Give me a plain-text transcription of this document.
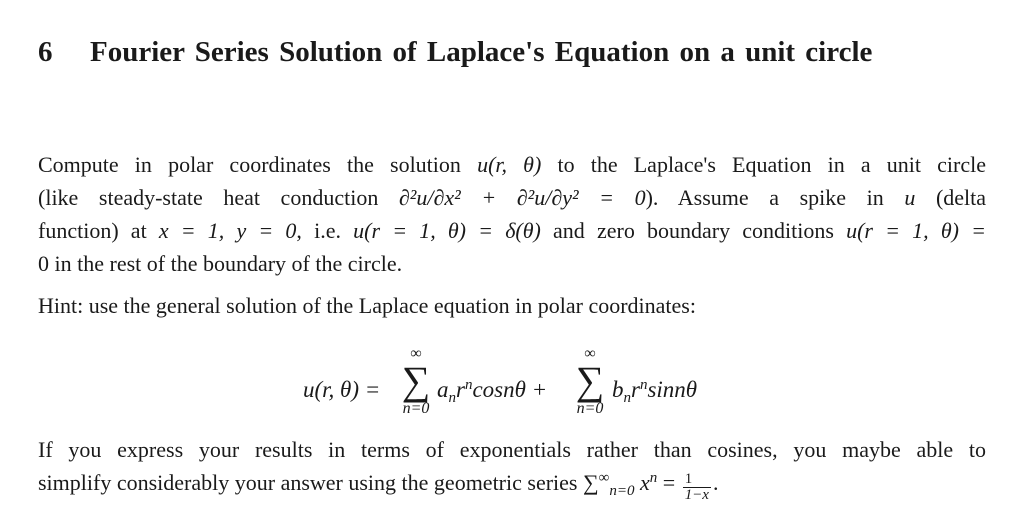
6 Fourier Series Solution of Laplace's Equation on a unit circle
Compute in polar coordinates the solution u(r, θ) to the Laplace's Equation in a unit circle
(like steady-state heat conduction ∂²u/∂x² + ∂²u/∂y² = 0). Assume a spike in u (delta
function) at x = 1, y = 0, i.e. u(r = 1, θ) = δ(θ) and zero boundary conditions u(r = 1, θ) =
0 in the rest of the boundary of the circle.
Hint: use the general solution of the Laplace equation in polar coordinates:
u(r, θ) =
∞
∑
n=0
$a_nr^n\cos n\theta$ +
∞
∑
n=0
$b_nr^n\sin n\theta$
If you express your results in terms of exponentials rather than cosines, you maybe able to
simplify considerably your answer using the geometric series $\sum^\infty_{n=0}$ $x^n = \frac{1}{1-x}$ .
